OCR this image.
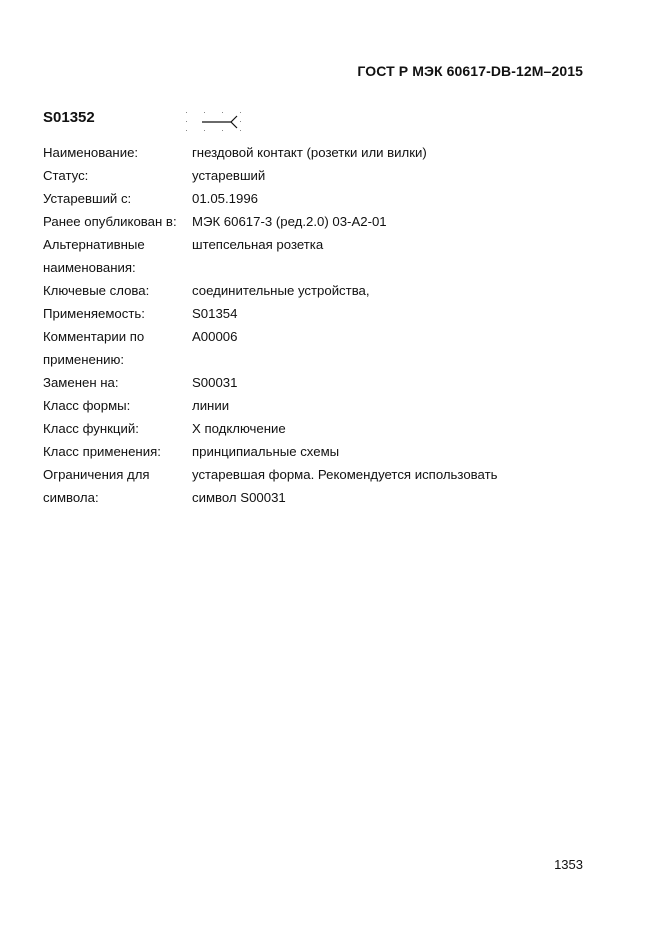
ГОСТ Р МЭК 60617-DB-12M–2015
S01352
Наименование:	гнездовой контакт (розетки или вилки)
Статус:	устаревший
Устаревший с:	01.05.1996
Ранее опубликован в:	МЭК 60617-3 (ред.2.0) 03-А2-01
Альтернативные	штепсельная розетка
наименования:
Ключевые слова:	соединительные устройства,
Применяемость:	S01354
Комментарии по	A00006
применению:
Заменен на:	S00031
Класс формы:	линии
Класс функций:	X подключение
Класс применения:	принципиальные схемы
Ограничения для	устаревшая форма. Рекомендуется использовать
символа:	символ S00031
1353
